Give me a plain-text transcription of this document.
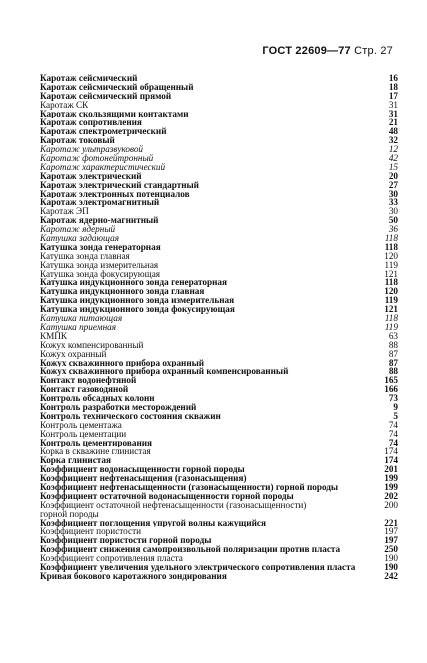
ГОСТ 22609—77 Стр. 27
Каротаж сейсмический	16
Каротаж сейсмический обращенный	18
Каротаж сейсмический прямой	17
Каротаж СК	31
Каротаж скользящими контактами	31
Каротаж сопротивления	21
Каротаж спектрометрический	48
Каротаж токовый	32
Каротаж ультразвуковой	12
Каротаж фотонейтронный	42
Каротаж характеристический	15
Каротаж электрический	20
Каротаж электрический стандартный	27
Каротаж электронных потенциалов	30
Каротаж электромагнитный	33
Каротаж ЭП	30
Каротаж ядерно-магнитный	50
Каротаж ядерный	36
Катушка задающая	118
Катушка зонда генераторная	118
Катушка зонда главная	120
Катушка зонда измерительная	119
Катушка зонда фокусирующая	121
Катушка индукционного зонда генераторная	118
Катушка индукционного зонда главная	120
Катушка индукционного зонда измерительная	119
Катушка индукционного зонда фокусирующая	121
Катушка питающая	118
Катушка приемная	119
КМПК	63
Кожух компенсированный	88
Кожух охранный	87
Кожух скважинного прибора охранный	87
Кожух скважинного прибора охранный компенсированный	88
Контакт водонефтяной	165
Контакт газоводяной	166
Контроль обсадных колонн	73
Контроль разработки месторождений	9
Контроль технического состояния скважин	5
Контроль цементажа	74
Контроль цементации	74
Контроль цементирования	74
Корка в скважине глинистая	174
Корка глинистая	174
Коэффициент водонасыщенности горной породы	201
Коэффициент нефтенасыщения (газонасыщения)	199
Коэффициент нефтенасыщенности (газонасыщенности) горной породы	199
Коэффициент остаточной водонасыщенности горной породы	202
Коэффициент остаточной нефтенасыщенности (газонасыщенности)	200
горной породы
Коэффициент поглощения упругой волны кажущийся	221
Коэффициент пористости	197
Коэффициент пористости горной породы	197
Коэффициент снижения самопроизвольной поляризации против пласта	250
Коэффициент сопротивления пласта	190
Коэффициент увеличения удельного электрического сопротивления пласта	190
Кривая бокового каротажного зондирования	242
